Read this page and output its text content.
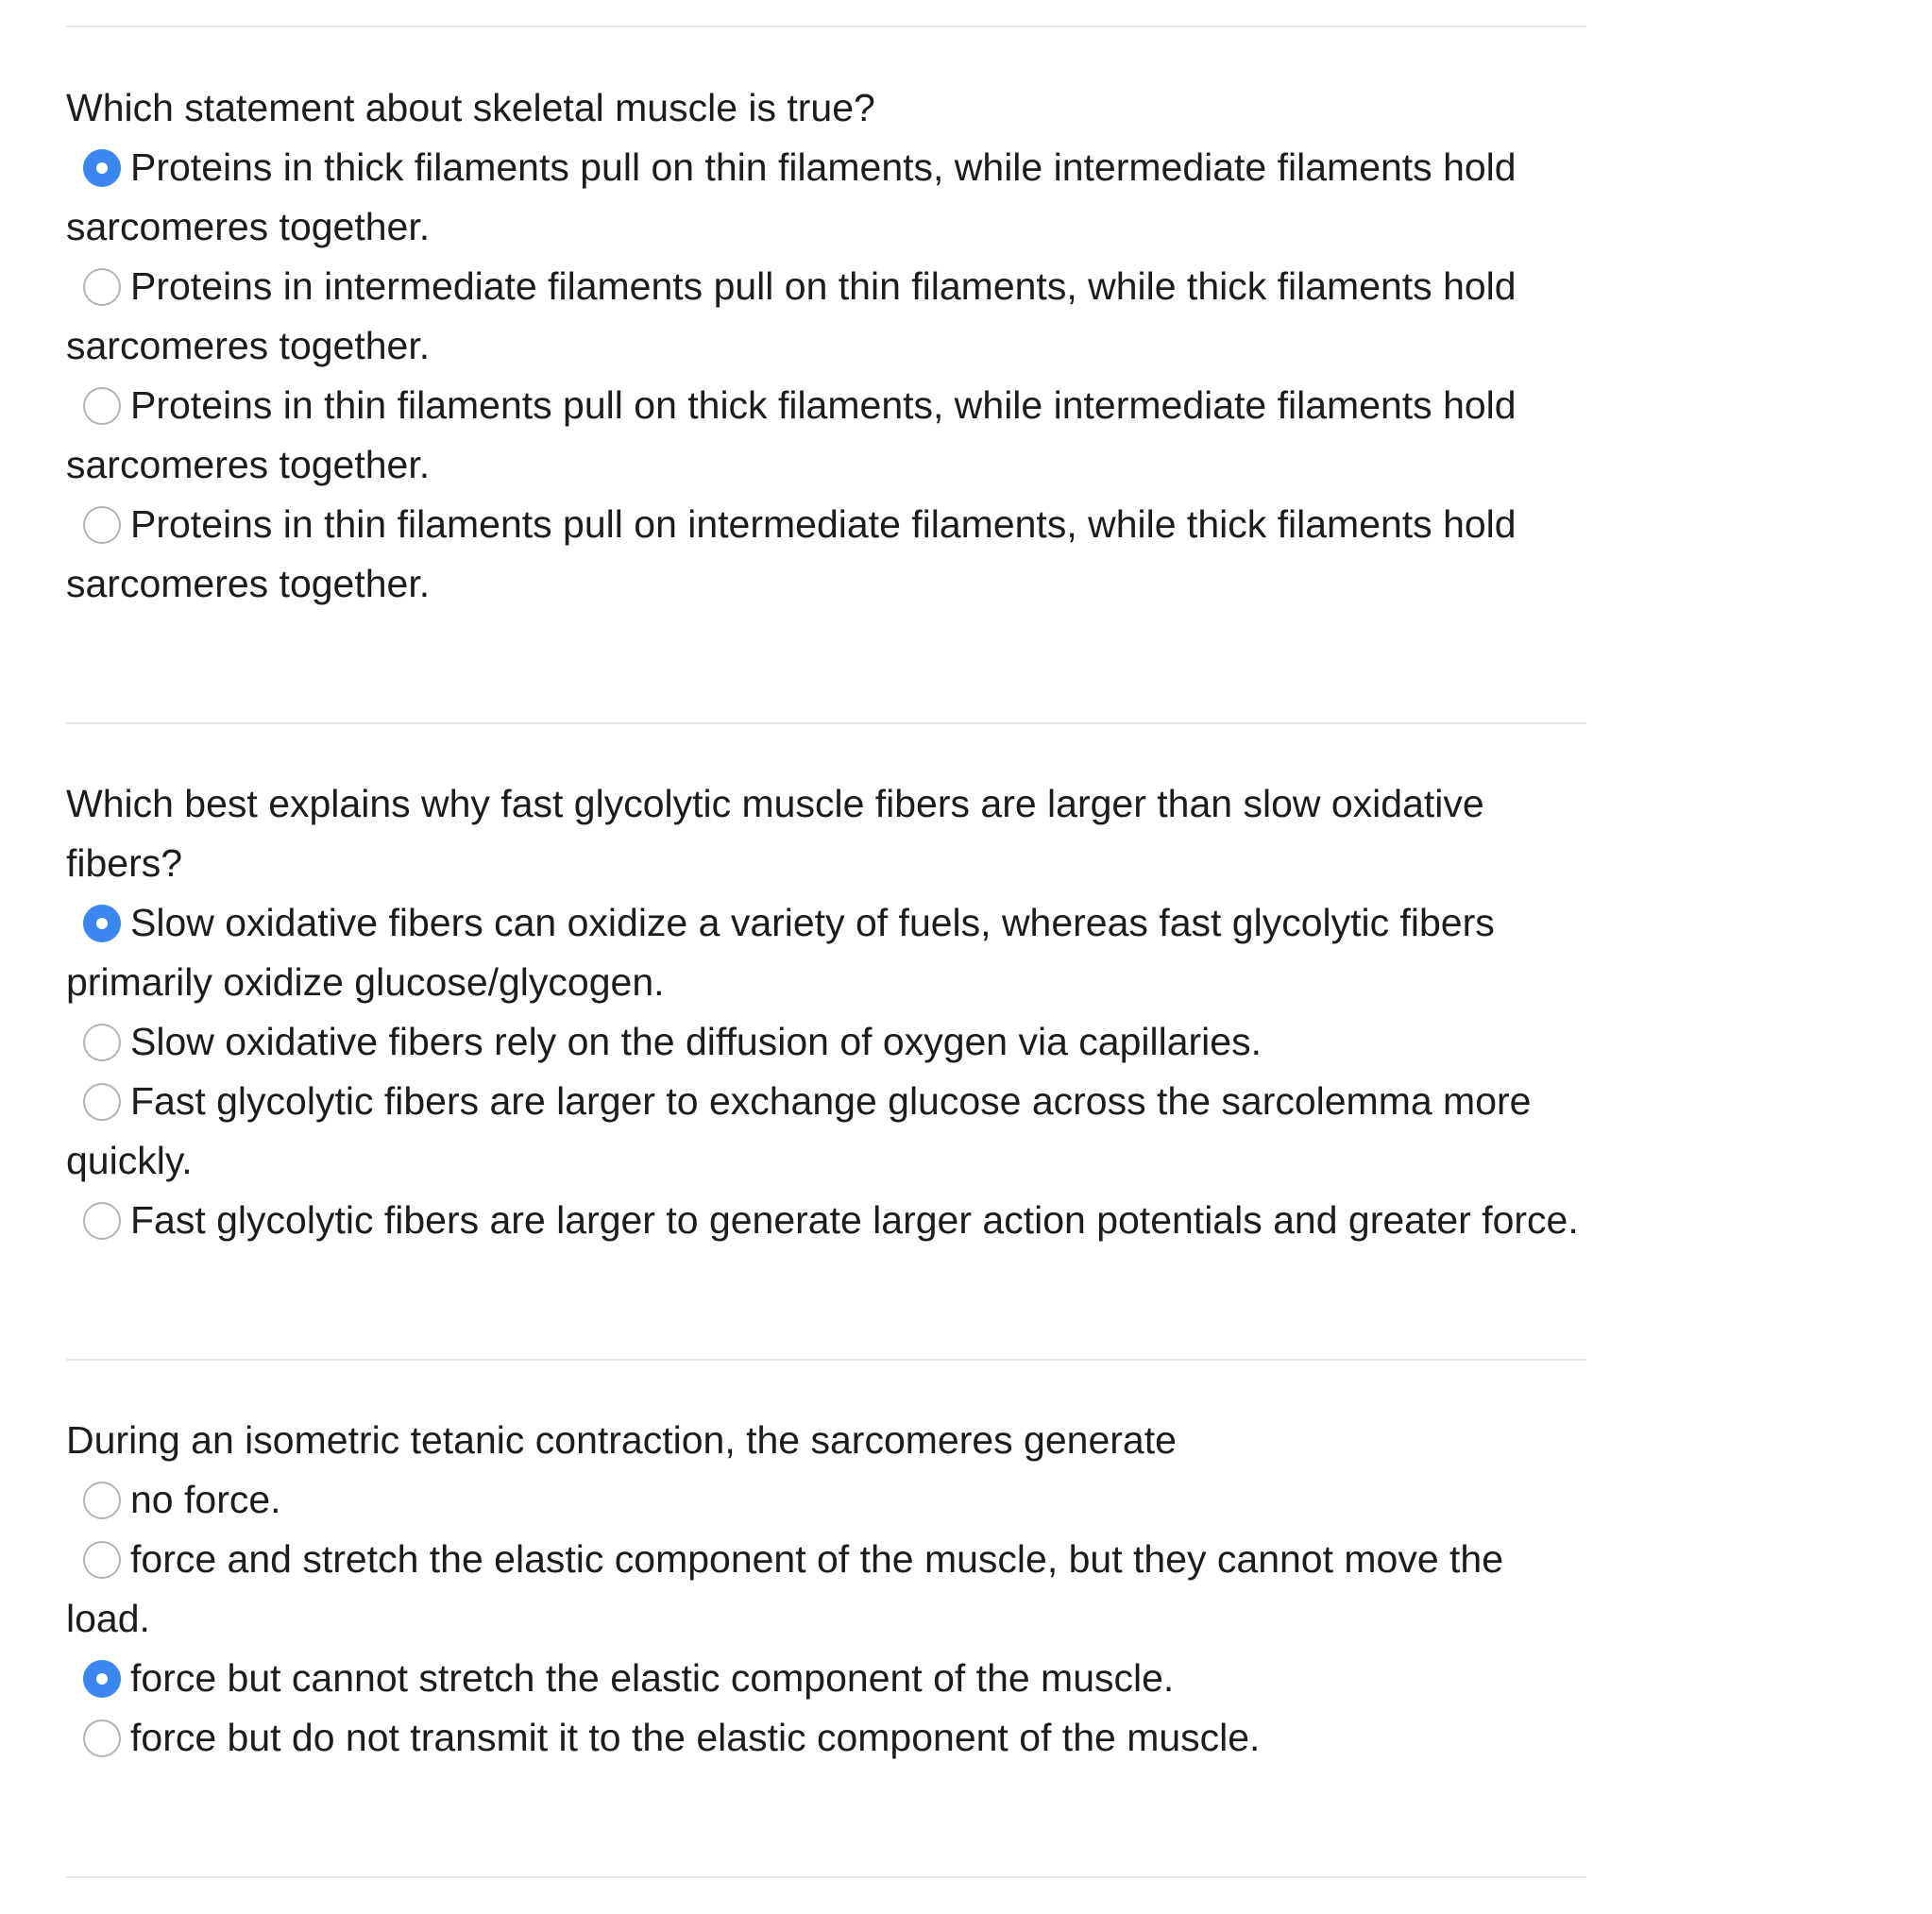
Which statement about skeletal muscle is true?

Proteins in thick filaments pull on thin filaments, while intermediate filaments hold sarcomeres together.
Proteins in intermediate filaments pull on thin filaments, while thick filaments hold sarcomeres together.
Proteins in thin filaments pull on thick filaments, while intermediate filaments hold sarcomeres together.
Proteins in thin filaments pull on intermediate filaments, while thick filaments hold sarcomeres together.

Which best explains why fast glycolytic muscle fibers are larger than slow oxidative fibers?

Slow oxidative fibers can oxidize a variety of fuels, whereas fast glycolytic fibers primarily oxidize glucose/glycogen.
Slow oxidative fibers rely on the diffusion of oxygen via capillaries.
Fast glycolytic fibers are larger to exchange glucose across the sarcolemma more quickly.
Fast glycolytic fibers are larger to generate larger action potentials and greater force.

During an isometric tetanic contraction, the sarcomeres generate

no force.
force and stretch the elastic component of the muscle, but they cannot move the load.
force but cannot stretch the elastic component of the muscle.
force but do not transmit it to the elastic component of the muscle.
